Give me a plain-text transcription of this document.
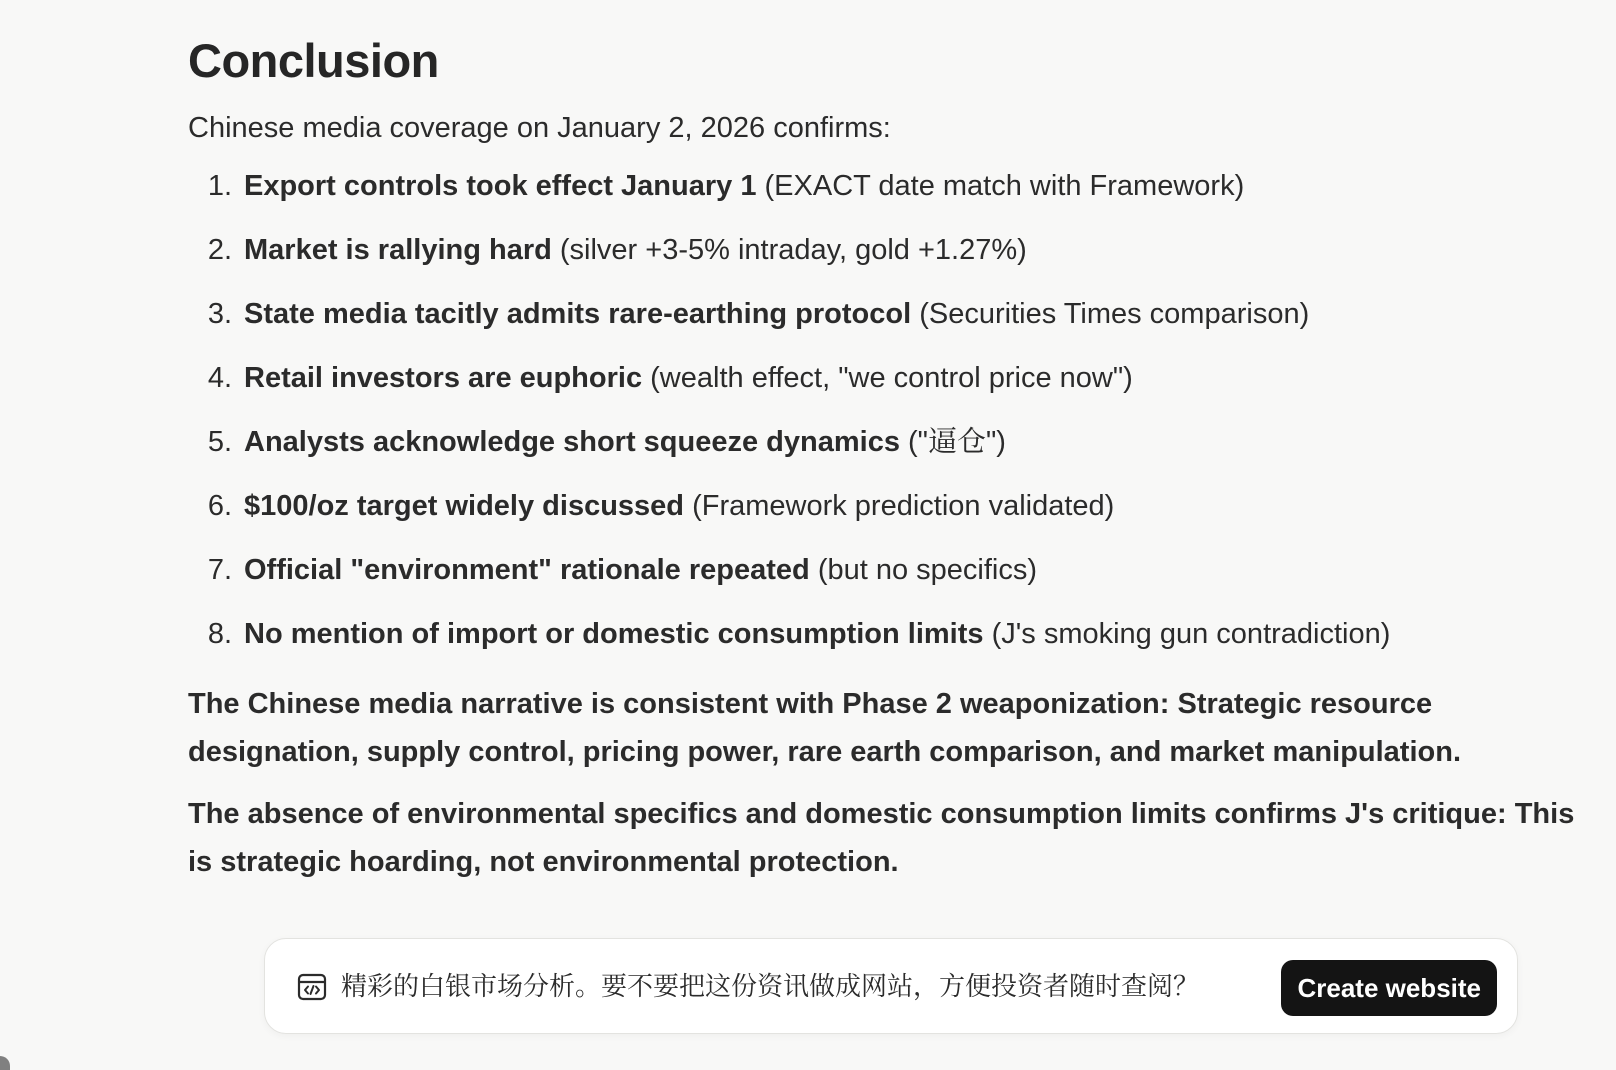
Conclusion

Chinese media coverage on January 2, 2026 confirms:

1. Export controls took effect January 1 (EXACT date match with Framework)
2. Market is rallying hard (silver +3-5% intraday, gold +1.27%)
3. State media tacitly admits rare-earthing protocol (Securities Times comparison)
4. Retail investors are euphoric (wealth effect, "we control price now")
5. Analysts acknowledge short squeeze dynamics ("逼仓")
6. $100/oz target widely discussed (Framework prediction validated)
7. Official "environment" rationale repeated (but no specifics)
8. No mention of import or domestic consumption limits (J's smoking gun contradiction)

The Chinese media narrative is consistent with Phase 2 weaponization: Strategic resource designation, supply control, pricing power, rare earth comparison, and market manipulation.

The absence of environmental specifics and domestic consumption limits confirms J's critique: This is strategic hoarding, not environmental protection.

精彩的白银市场分析。要不要把这份资讯做成网站，方便投资者随时查阅？	Create website
